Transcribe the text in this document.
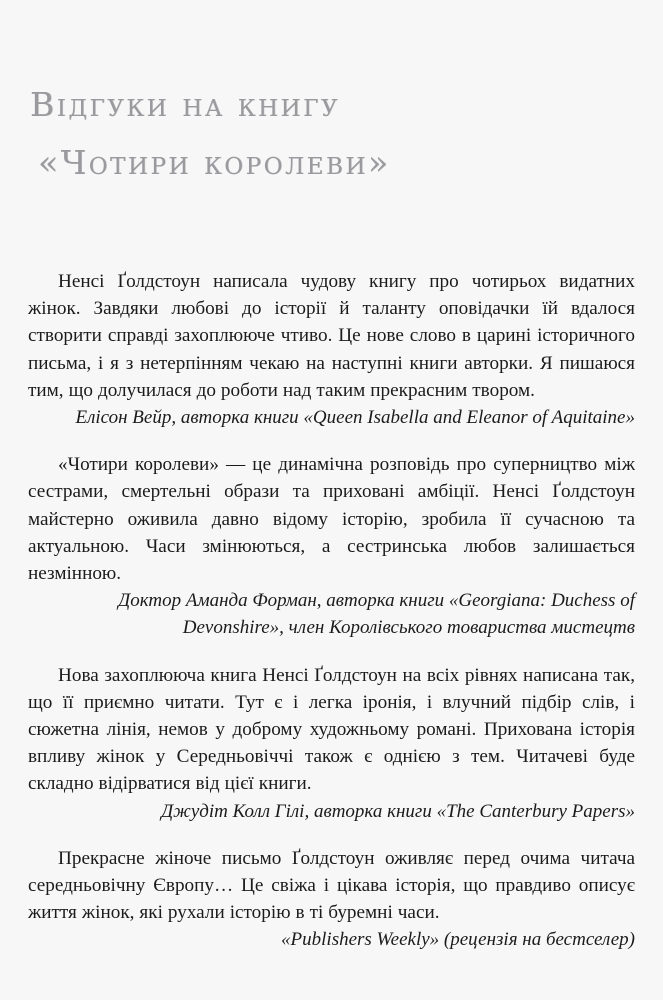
Відгуки на книгу
«Чотири королеви»

Ненсі Ґолдстоун написала чудову книгу про чотирьох видатних жінок. Завдяки любові до історії й таланту оповідачки їй вдалося створити справді захоплююче чтиво. Це нове слово в царині історичного письма, і я з нетерпінням чекаю на наступні книги авторки. Я пишаюся тим, що долучилася до роботи над таким прекрасним твором.

Елісон Вейр, авторка книги «Queen Isabella and Eleanor of Aquitaine»

«Чотири королеви» — це динамічна розповідь про суперництво між сестрами, смертельні образи та приховані амбіції. Ненсі Ґолдстоун майстерно оживила давно відому історію, зробила її сучасною та актуальною. Часи змінюються, а сестринська любов залишається незмінною.

Доктор Аманда Форман, авторка книги «Georgiana: Duchess of Devonshire», член Королівського товариства мистецтв

Нова захоплююча книга Ненсі Ґолдстоун на всіх рівнях написана так, що її приємно читати. Тут є і легка іронія, і влучний підбір слів, і сюжетна лінія, немов у доброму художньому романі. Прихована історія впливу жінок у Середньовіччі також є однією з тем. Читачеві буде складно відірватися від цієї книги.

Джудіт Колл Гілі, авторка книги «The Canterbury Papers»

Прекрасне жіноче письмо Ґолдстоун оживляє перед очима читача середньовічну Європу… Це свіжа і цікава історія, що правдиво описує життя жінок, які рухали історію в ті буремні часи.

«Publishers Weekly» (рецензія на бестселер)
